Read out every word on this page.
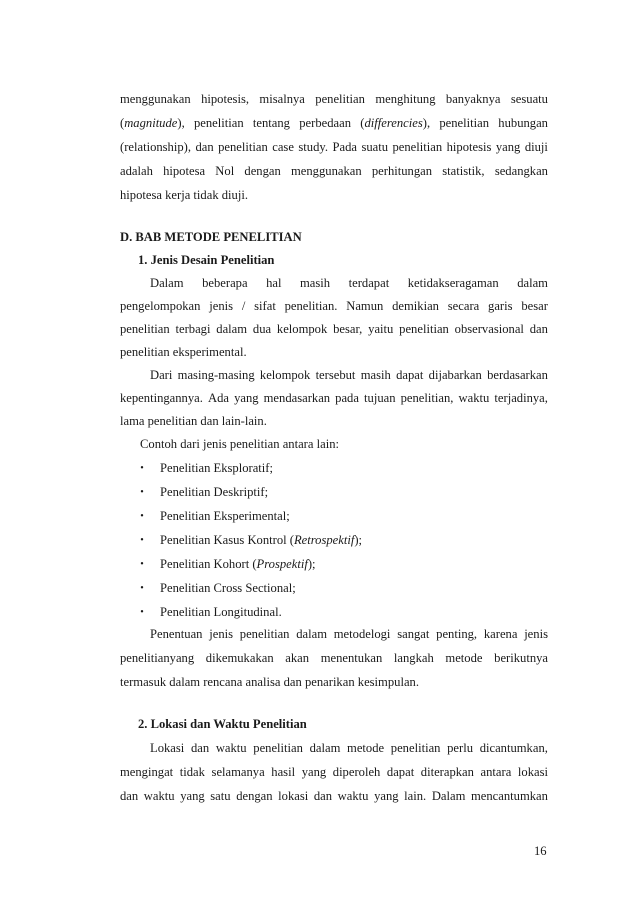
menggunakan hipotesis, misalnya penelitian menghitung banyaknya sesuatu
(magnitude), penelitian tentang perbedaan (differencies), penelitian hubungan
(relationship), dan penelitian case study. Pada suatu penelitian hipotesis yang diuji
adalah hipotesa Nol dengan menggunakan perhitungan statistik, sedangkan
hipotesa kerja tidak diuji.
D. BAB METODE PENELITIAN
1. Jenis Desain Penelitian
Dalam beberapa hal masih terdapat ketidakseragaman dalam
pengelompokan jenis / sifat penelitian. Namun demikian secara garis besar
penelitian terbagi dalam dua kelompok besar, yaitu penelitian observasional dan
penelitian eksperimental.
Dari masing-masing kelompok tersebut masih dapat dijabarkan berdasarkan
kepentingannya. Ada yang mendasarkan pada tujuan penelitian, waktu terjadinya,
lama penelitian dan lain-lain.
Contoh dari jenis penelitian antara lain:
• Penelitian Eksploratif;
• Penelitian Deskriptif;
• Penelitian Eksperimental;
• Penelitian Kasus Kontrol (Retrospektif);
• Penelitian Kohort (Prospektif);
• Penelitian Cross Sectional;
• Penelitian Longitudinal.
Penentuan jenis penelitian dalam metodelogi sangat penting, karena jenis
penelitianyang dikemukakan akan menentukan langkah metode berikutnya
termasuk dalam rencana analisa dan penarikan kesimpulan.
2. Lokasi dan Waktu Penelitian
Lokasi dan waktu penelitian dalam metode penelitian perlu dicantumkan,
mengingat tidak selamanya hasil yang diperoleh dapat diterapkan antara lokasi
dan waktu yang satu dengan lokasi dan waktu yang lain. Dalam mencantumkan
16
